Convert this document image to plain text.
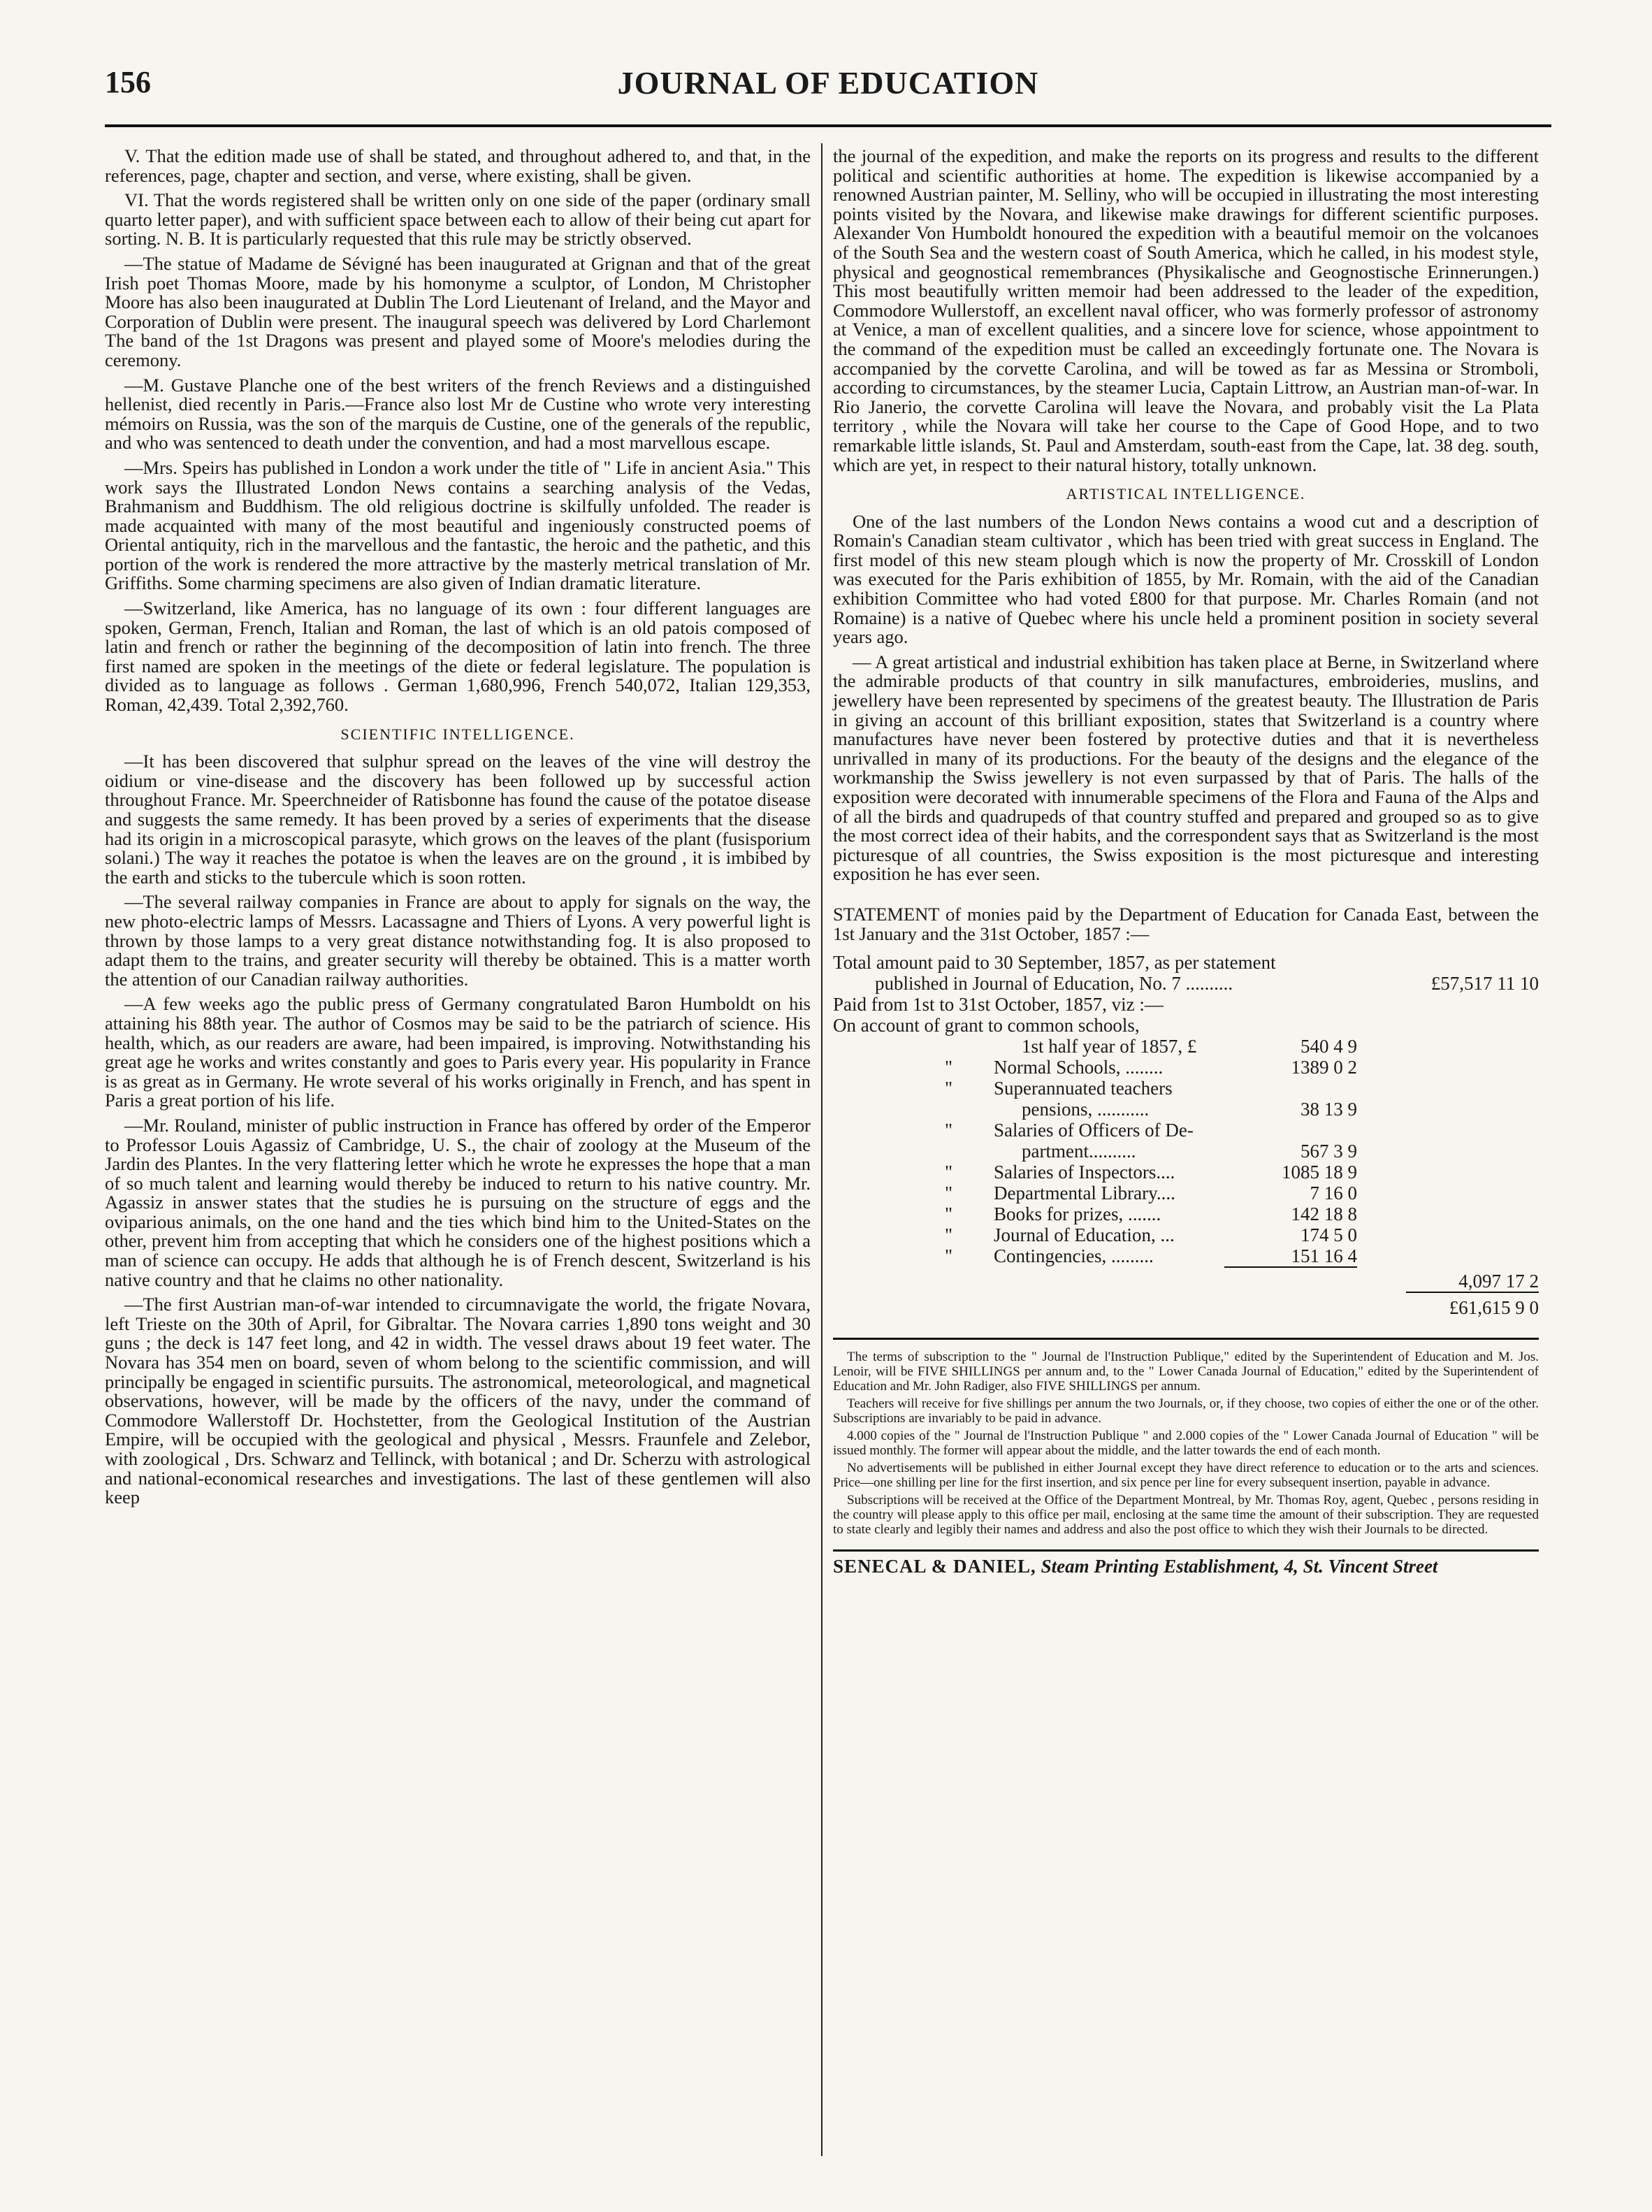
156	JOURNAL OF EDUCATION

V. That the edition made use of shall be stated, and throughout adhered to, and that, in the references, page, chapter and section, and verse, where existing, shall be given.

VI. That the words registered shall be written only on one side of the paper (ordinary small quarto letter paper), and with sufficient space between each to allow of their being cut apart for sorting. N. B. It is particularly requested that this rule may be strictly observed.

—The statue of Madame de Sévigné has been inaugurated at Grignan and that of the great Irish poet Thomas Moore, made by his homonyme a sculptor, of London, M Christopher Moore has also been inaugurated at Dublin The Lord Lieutenant of Ireland, and the Mayor and Corporation of Dublin were present. The inaugural speech was delivered by Lord Charlemont The band of the 1st Dragons was present and played some of Moore's melodies during the ceremony.

—M. Gustave Planche one of the best writers of the french Reviews and a distinguished hellenist, died recently in Paris.—France also lost Mr de Custine who wrote very interesting mémoirs on Russia, was the son of the marquis de Custine, one of the generals of the republic, and who was sentenced to death under the convention, and had a most marvellous escape.

—Mrs. Speirs has published in London a work under the title of " Life in ancient Asia." This work says the Illustrated London News contains a searching analysis of the Vedas, Brahmanism and Buddhism. The old religious doctrine is skilfully unfolded. The reader is made acquainted with many of the most beautiful and ingeniously constructed poems of Oriental antiquity, rich in the marvellous and the fantastic, the heroic and the pathetic, and this portion of the work is rendered the more attractive by the masterly metrical translation of Mr. Griffiths. Some charming specimens are also given of Indian dramatic literature.

—Switzerland, like America, has no language of its own : four different languages are spoken, German, French, Italian and Roman, the last of which is an old patois composed of latin and french or rather the beginning of the decomposition of latin into french. The three first named are spoken in the meetings of the diete or federal legislature. The population is divided as to language as follows . German 1,680,996, French 540,072, Italian 129,353, Roman, 42,439. Total 2,392,760.

SCIENTIFIC INTELLIGENCE.

—It has been discovered that sulphur spread on the leaves of the vine will destroy the oidium or vine-disease and the discovery has been followed up by successful action throughout France. Mr. Speerchneider of Ratisbonne has found the cause of the potatoe disease and suggests the same remedy. It has been proved by a series of experiments that the disease had its origin in a microscopical parasyte, which grows on the leaves of the plant (fusisporium solani.) The way it reaches the potatoe is when the leaves are on the ground , it is imbibed by the earth and sticks to the tubercule which is soon rotten.

—The several railway companies in France are about to apply for signals on the way, the new photo-electric lamps of Messrs. Lacassagne and Thiers of Lyons. A very powerful light is thrown by those lamps to a very great distance notwithstanding fog. It is also proposed to adapt them to the trains, and greater security will thereby be obtained. This is a matter worth the attention of our Canadian railway authorities.

—A few weeks ago the public press of Germany congratulated Baron Humboldt on his attaining his 88th year. The author of Cosmos may be said to be the patriarch of science. His health, which, as our readers are aware, had been impaired, is improving. Notwithstanding his great age he works and writes constantly and goes to Paris every year. His popularity in France is as great as in Germany. He wrote several of his works originally in French, and has spent in Paris a great portion of his life.

—Mr. Rouland, minister of public instruction in France has offered by order of the Emperor to Professor Louis Agassiz of Cambridge, U. S., the chair of zoology at the Museum of the Jardin des Plantes. In the very flattering letter which he wrote he expresses the hope that a man of so much talent and learning would thereby be induced to return to his native country. Mr. Agassiz in answer states that the studies he is pursuing on the structure of eggs and the oviparious animals, on the one hand and the ties which bind him to the United-States on the other, prevent him from accepting that which he considers one of the highest positions which a man of science can occupy. He adds that although he is of French descent, Switzerland is his native country and that he claims no other nationality.

—The first Austrian man-of-war intended to circumnavigate the world, the frigate Novara, left Trieste on the 30th of April, for Gibraltar. The Novara carries 1,890 tons weight and 30 guns ; the deck is 147 feet long, and 42 in width. The vessel draws about 19 feet water. The Novara has 354 men on board, seven of whom belong to the scientific commission, and will principally be engaged in scientific pursuits. The astronomical, meteorological, and magnetical observations, however, will be made by the officers of the navy, under the command of Commodore Wallerstoff Dr. Hochstetter, from the Geological Institution of the Austrian Empire, will be occupied with the geological and physical , Messrs. Fraunfele and Zelebor, with zoological , Drs. Schwarz and Tellinck, with botanical ; and Dr. Scherzu with astrological and national-economical researches and investigations. The last of these gentlemen will also keep

the journal of the expedition, and make the reports on its progress and results to the different political and scientific authorities at home. The expedition is likewise accompanied by a renowned Austrian painter, M. Selliny, who will be occupied in illustrating the most interesting points visited by the Novara, and likewise make drawings for different scientific purposes. Alexander Von Humboldt honoured the expedition with a beautiful memoir on the volcanoes of the South Sea and the western coast of South America, which he called, in his modest style, physical and geognostical remembrances (Physikalische and Geognostische Erinnerungen.) This most beautifully written memoir had been addressed to the leader of the expedition, Commodore Wullerstoff, an excellent naval officer, who was formerly professor of astronomy at Venice, a man of excellent qualities, and a sincere love for science, whose appointment to the command of the expedition must be called an exceedingly fortunate one. The Novara is accompanied by the corvette Carolina, and will be towed as far as Messina or Stromboli, according to circumstances, by the steamer Lucia, Captain Littrow, an Austrian man-of-war. In Rio Janerio, the corvette Carolina will leave the Novara, and probably visit the La Plata territory , while the Novara will take her course to the Cape of Good Hope, and to two remarkable little islands, St. Paul and Amsterdam, south-east from the Cape, lat. 38 deg. south, which are yet, in respect to their natural history, totally unknown.

ARTISTICAL INTELLIGENCE.

One of the last numbers of the London News contains a wood cut and a description of Romain's Canadian steam cultivator , which has been tried with great success in England. The first model of this new steam plough which is now the property of Mr. Crosskill of London was executed for the Paris exhibition of 1855, by Mr. Romain, with the aid of the Canadian exhibition Committee who had voted £800 for that purpose. Mr. Charles Romain (and not Romaine) is a native of Quebec where his uncle held a prominent position in society several years ago.

— A great artistical and industrial exhibition has taken place at Berne, in Switzerland where the admirable products of that country in silk manufactures, embroideries, muslins, and jewellery have been represented by specimens of the greatest beauty. The Illustration de Paris in giving an account of this brilliant exposition, states that Switzerland is a country where manufactures have never been fostered by protective duties and that it is nevertheless unrivalled in many of its productions. For the beauty of the designs and the elegance of the workmanship the Swiss jewellery is not even surpassed by that of Paris. The halls of the exposition were decorated with innumerable specimens of the Flora and Fauna of the Alps and of all the birds and quadrupeds of that country stuffed and prepared and grouped so as to give the most correct idea of their habits, and the correspondent says that as Switzerland is the most picturesque of all countries, the Swiss exposition is the most picturesque and interesting exposition he has ever seen.

STATEMENT of monies paid by the Department of Education for Canada East, between the 1st January and the 31st October, 1857 :—

Total amount paid to 30 September, 1857, as per statement
published in Journal of Education, No. 7 ..........	£57,517 11 10
Paid from 1st to 31st October, 1857, viz :—
On account of grant to common schools,
1st half year of 1857, £	540 4 9
" Normal Schools, ........	1389 0 2
" Superannuated teachers
pensions, ...........	38 13 9
" Salaries of Officers of De-
partment..........	567 3 9
" Salaries of Inspectors....	1085 18 9
" Departmental Library....	7 16 0
" Books for prizes, .......	142 18 8
" Journal of Education, ...	174 5 0
" Contingencies, .........	151 16 4
4,097 17 2
£61,615 9 0

The terms of subscription to the " Journal de l'Instruction Publique," edited by the Superintendent of Education and M. Jos. Lenoir, will be FIVE SHILLINGS per annum and, to the " Lower Canada Journal of Education," edited by the Superintendent of Education and Mr. John Radiger, also FIVE SHILLINGS per annum.

Teachers will receive for five shillings per annum the two Journals, or, if they choose, two copies of either the one or of the other. Subscriptions are invariably to be paid in advance.

4.000 copies of the " Journal de l'Instruction Publique " and 2.000 copies of the " Lower Canada Journal of Education " will be issued monthly. The former will appear about the middle, and the latter towards the end of each month.

No advertisements will be published in either Journal except they have direct reference to education or to the arts and sciences. Price—one shilling per line for the first insertion, and six pence per line for every subsequent insertion, payable in advance.

Subscriptions will be received at the Office of the Department Montreal, by Mr. Thomas Roy, agent, Quebec , persons residing in the country will please apply to this office per mail, enclosing at the same time the amount of their subscription. They are requested to state clearly and legibly their names and address and also the post office to which they wish their Journals to be directed.

SENECAL & DANIEL, Steam Printing Establishment, 4, St. Vincent Street
